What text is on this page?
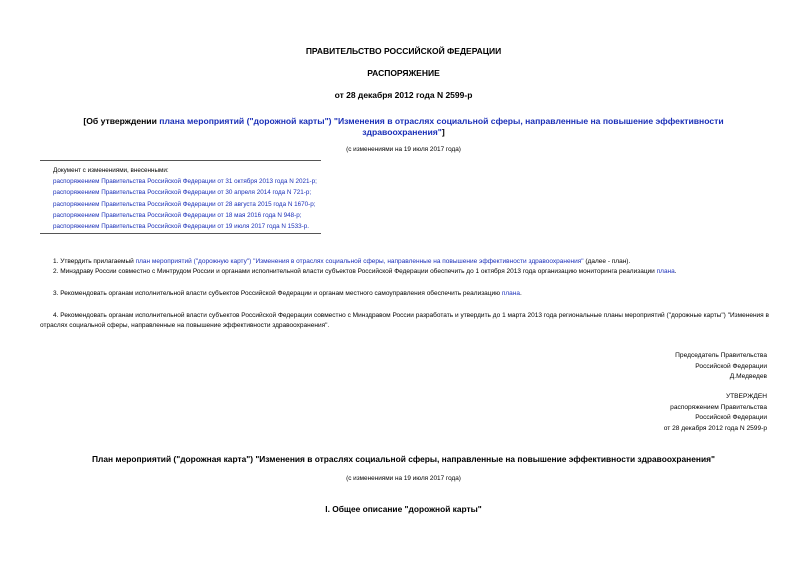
ПРАВИТЕЛЬСТВО РОССИЙСКОЙ ФЕДЕРАЦИИ
РАСПОРЯЖЕНИЕ
от 28 декабря 2012 года N 2599-р
[Об утверждении плана мероприятий ("дорожной карты") "Изменения в отраслях социальной сферы, направленные на повышение эффективности здравоохранения"]
(с изменениями на 19 июля 2017 года)
Документ с изменениями, внесенными:
распоряжением Правительства Российской Федерации от 31 октября 2013 года N 2021-р;
распоряжением Правительства Российской Федерации от 30 апреля 2014 года N 721-р;
распоряжением Правительства Российской Федерации от 28 августа 2015 года N 1670-р;
распоряжением Правительства Российской Федерации от 18 мая 2016 года N 948-р;
распоряжением Правительства Российской Федерации от 19 июля 2017 года N 1533-р.
1. Утвердить прилагаемый план мероприятий ("дорожную карту") "Изменения в отраслях социальной сферы, направленные на повышение эффективности здравоохранения" (далее - план).
2. Минздраву России совместно с Минтрудом России и органами исполнительной власти субъектов Российской Федерации обеспечить до 1 октября 2013 года организацию мониторинга реализации плана.
3. Рекомендовать органам исполнительной власти субъектов Российской Федерации и органам местного самоуправления обеспечить реализацию плана.
4. Рекомендовать органам исполнительной власти субъектов Российской Федерации совместно с Минздравом России разработать и утвердить до 1 марта 2013 года региональные планы мероприятий ("дорожные карты") "Изменения в отраслях социальной сферы, направленные на повышение эффективности здравоохранения".
Председатель Правительства
Российской Федерации
Д.Медведев
УТВЕРЖДЕН
распоряжением Правительства
Российской Федерации
от 28 декабря 2012 года N 2599-р
План мероприятий ("дорожная карта") "Изменения в отраслях социальной сферы, направленные на повышение эффективности здравоохранения"
(с изменениями на 19 июля 2017 года)
I. Общее описание "дорожной карты"
